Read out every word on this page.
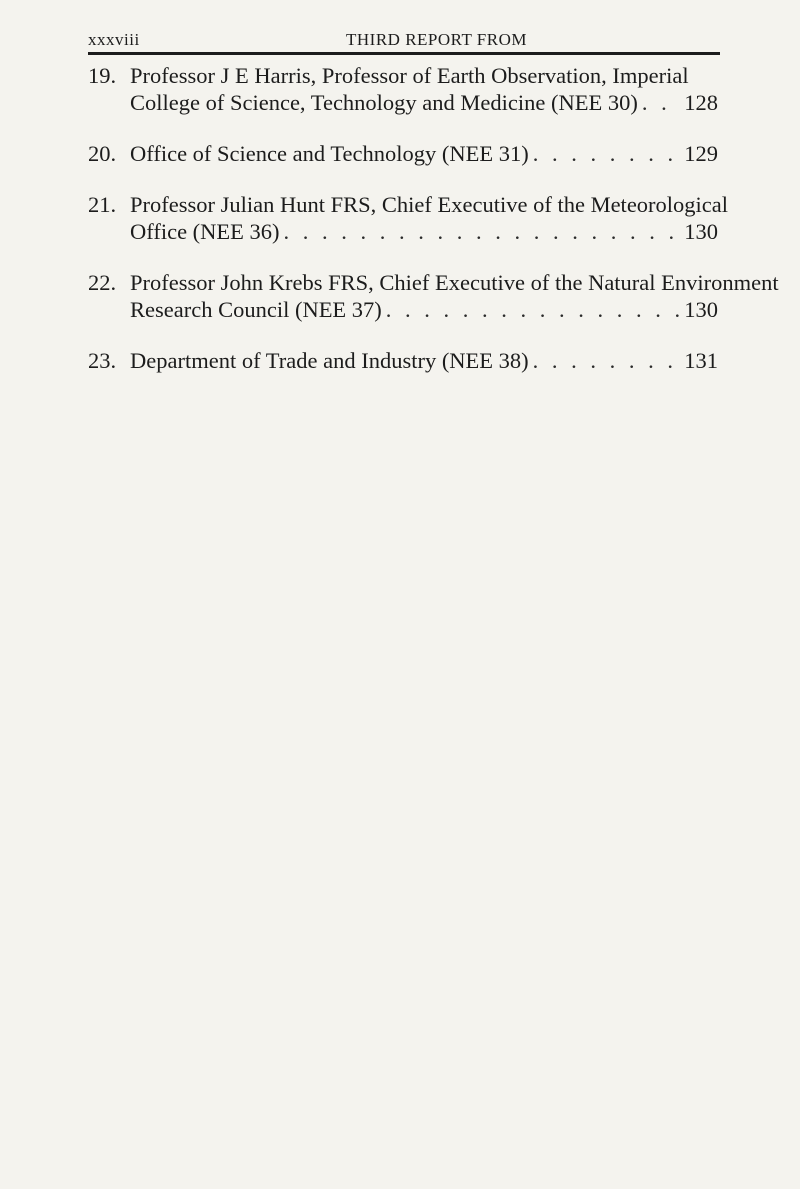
xxxviii	THIRD REPORT FROM
19. Professor J E Harris, Professor of Earth Observation, Imperial
College of Science, Technology and Medicine (NEE 30) . . . 128
20. Office of Science and Technology (NEE 31) . . .	129
21. Professor Julian Hunt FRS, Chief Executive of the Meteorological
Office (NEE 36) . . .	130
22. Professor John Krebs FRS, Chief Executive of the Natural Environment
Research Council (NEE 37) . . .	130
23. Department of Trade and Industry (NEE 38) . . .	131
